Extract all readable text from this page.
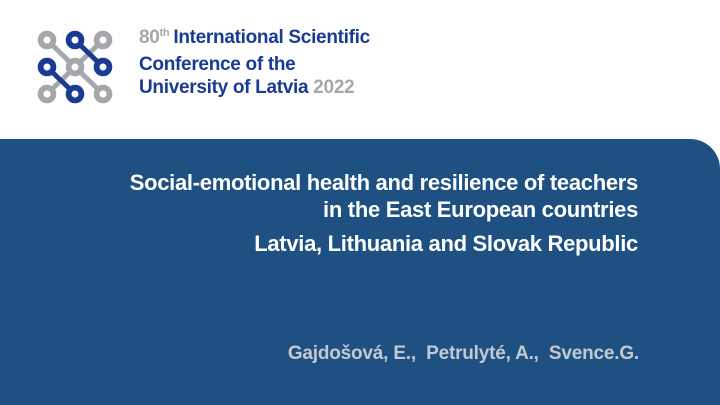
80th International Scientific
Conference of the
University of Latvia 2022
Social-emotional health and resilience of teachers
in the East European countries
Latvia, Lithuania and Slovak Republic
Gajdošová, E.,  Petrulyté, A.,  Svence.G.
